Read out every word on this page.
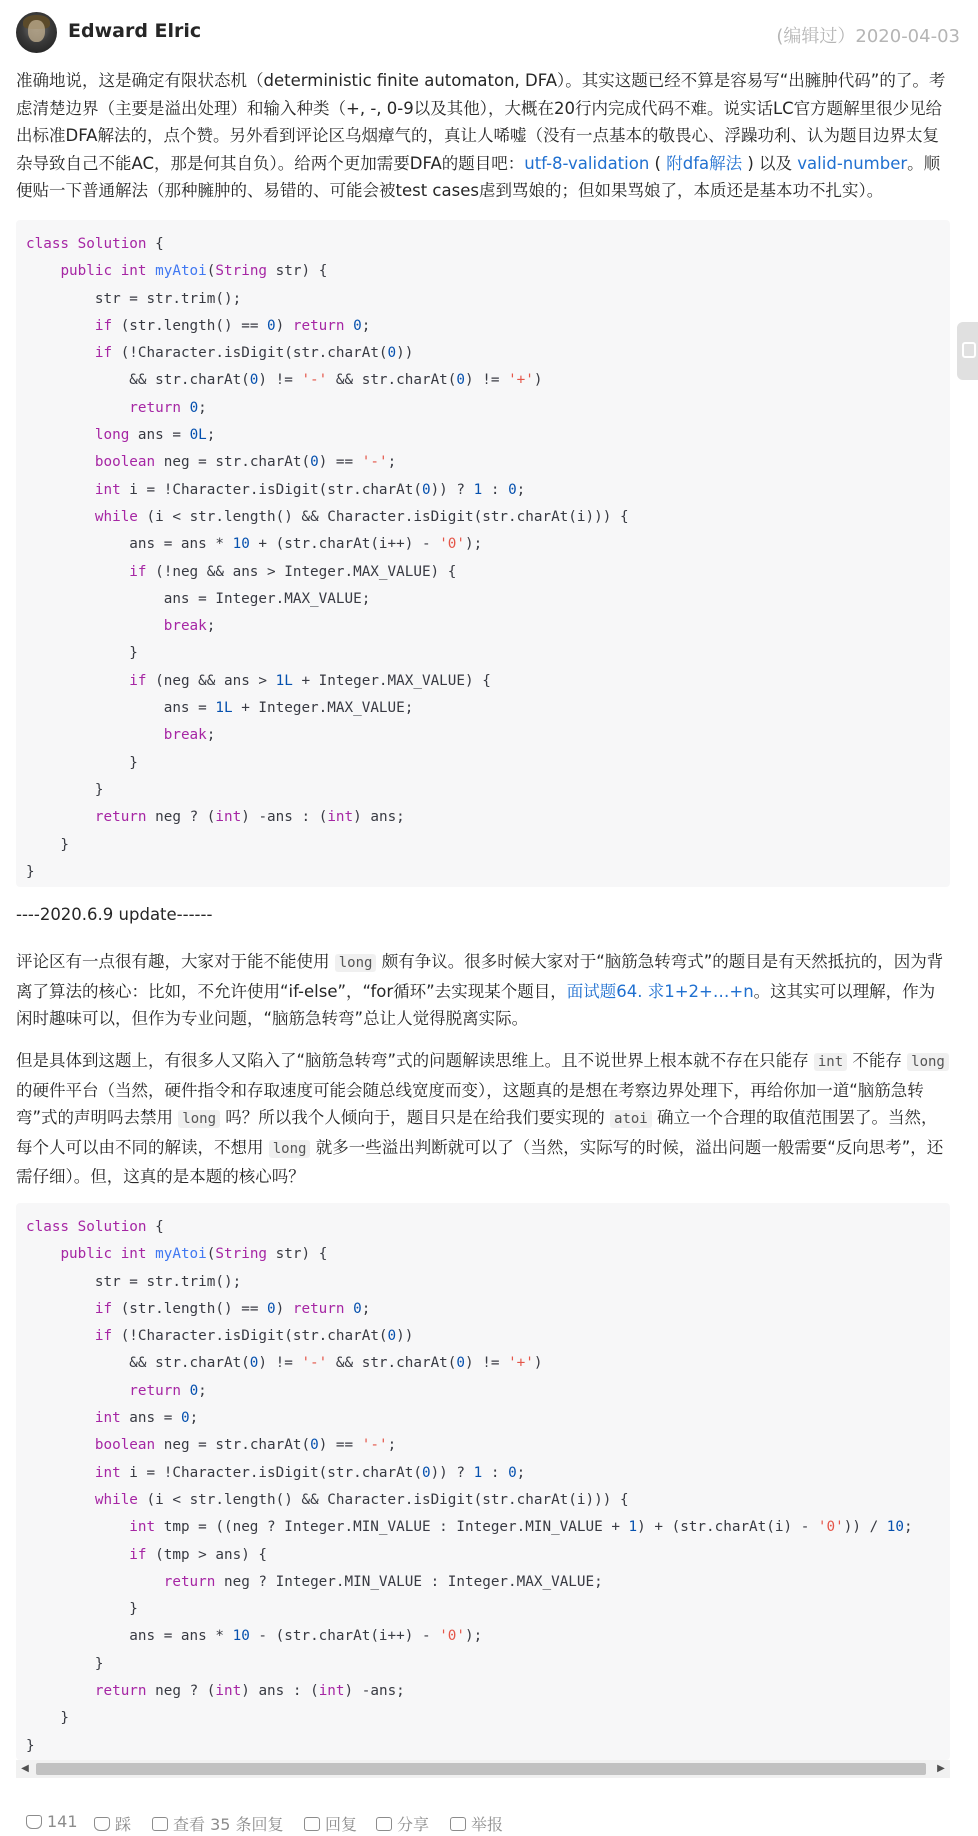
Edward Elric	(编辑过）2020-04-03
准确地说，这是确定有限状态机（deterministic finite automaton, DFA）。其实这题已经不算是容易写“出臃肿代码”的了。考虑清楚边界（主要是溢出处理）和输入种类（+, -, 0-9以及其他），大概在20行内完成代码不难。说实话LC官方题解里很少见给出标准DFA解法的，点个赞。另外看到评论区乌烟瘴气的，真让人唏嘘（没有一点基本的敬畏心、浮躁功利、认为题目边界太复杂导致自己不能AC，那是何其自负）。给两个更加需要DFA的题目吧：utf-8-validation ( 附dfa解法 ) 以及 valid-number。顺便贴一下普通解法（那种臃肿的、易错的、可能会被test cases虐到骂娘的；但如果骂娘了，本质还是基本功不扎实）。
class Solution {
public int myAtoi(String str) {
str = str.trim();
if (str.length() == 0) return 0;
if (!Character.isDigit(str.charAt(0))
&& str.charAt(0) != '-' && str.charAt(0) != '+')
return 0;
long ans = 0L;
boolean neg = str.charAt(0) == '-';
int i = !Character.isDigit(str.charAt(0)) ? 1 : 0;
while (i < str.length() && Character.isDigit(str.charAt(i))) {
ans = ans * 10 + (str.charAt(i++) - '0');
if (!neg && ans > Integer.MAX_VALUE) {
ans = Integer.MAX_VALUE;
break;
}
if (neg && ans > 1L + Integer.MAX_VALUE) {
ans = 1L + Integer.MAX_VALUE;
break;
}
}
return neg ? (int) -ans : (int) ans;
}
}
----2020.6.9 update------
评论区有一点很有趣，大家对于能不能使用 long 颇有争议。很多时候大家对于“脑筋急转弯式”的题目是有天然抵抗的，因为背离了算法的核心：比如，不允许使用“if-else”，“for循环”去实现某个题目，面试题64. 求1+2+…+n。这其实可以理解，作为闲时趣味可以，但作为专业问题，“脑筋急转弯”总让人觉得脱离实际。
但是具体到这题上，有很多人又陷入了“脑筋急转弯”式的问题解读思维上。且不说世界上根本就不存在只能存 int 不能存 long 的硬件平台（当然，硬件指令和存取速度可能会随总线宽度而变），这题真的是想在考察边界处理下，再给你加一道“脑筋急转弯”式的声明吗去禁用 long 吗？所以我个人倾向于，题目只是在给我们要实现的 atoi 确立一个合理的取值范围罢了。当然，每个人可以由不同的解读，不想用 long 就多一些溢出判断就可以了（当然，实际写的时候，溢出问题一般需要“反向思考”，还需仔细）。但，这真的是本题的核心吗？
class Solution {
public int myAtoi(String str) {
str = str.trim();
if (str.length() == 0) return 0;
if (!Character.isDigit(str.charAt(0))
&& str.charAt(0) != '-' && str.charAt(0) != '+')
return 0;
int ans = 0;
boolean neg = str.charAt(0) == '-';
int i = !Character.isDigit(str.charAt(0)) ? 1 : 0;
while (i < str.length() && Character.isDigit(str.charAt(i))) {
int tmp = ((neg ? Integer.MIN_VALUE : Integer.MIN_VALUE + 1) + (str.charAt(i) - '0')) / 10;
if (tmp > ans) {
return neg ? Integer.MIN_VALUE : Integer.MAX_VALUE;
}
ans = ans * 10 - (str.charAt(i++) - '0');
}
return neg ? (int) ans : (int) -ans;
}
}
◀	▶
141 踩	查看 35 条回复	回复 分享	举报
